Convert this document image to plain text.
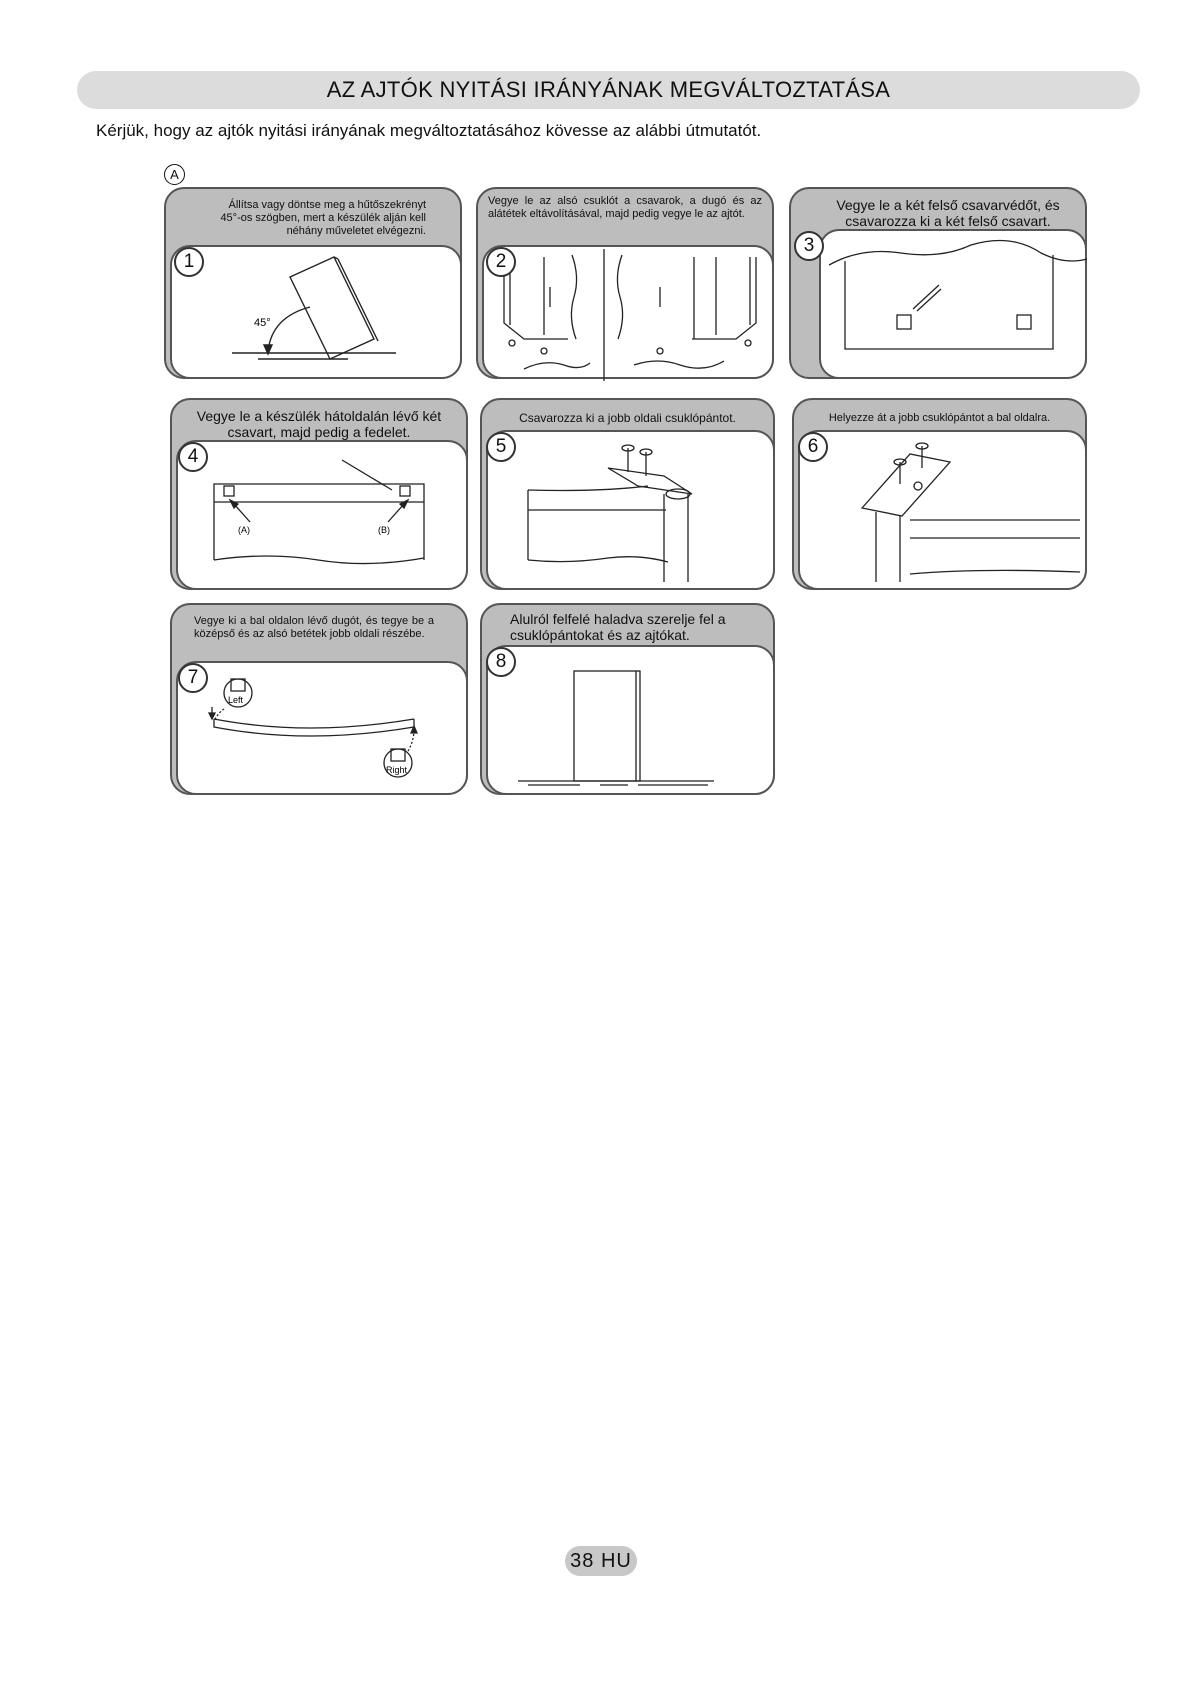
AZ AJTÓK NYITÁSI IRÁNYÁNAK MEGVÁLTOZTATÁSA
Kérjük, hogy az ajtók nyitási irányának megváltoztatásához kövesse az alábbi útmutatót.
A
Állítsa vagy döntse meg a hűtőszekrényt 45°-os szögben, mert a készülék alján kell néhány műveletet elvégezni.
45°
1
Vegye le az alsó csuklót a csavarok, a dugó és az alátétek eltávolításával, majd pedig vegye le az ajtót.
2
Vegye le a két felső csavarvédőt, és csavarozza ki a két felső csavart.
3
Vegye le a készülék hátoldalán lévő két csavart, majd pedig a fedelet.
(A)	(B)
4
Csavarozza ki a jobb oldali csuklópántot.
5
Helyezze át a jobb csuklópántot a bal oldalra.
6
Vegye ki a bal oldalon lévő dugót, és tegye be a középső és az alsó betétek jobb oldali részébe.
Left
Right
7
Alulról felfelé haladva szerelje fel a csuklópántokat és az ajtókat.
8
38 HU
